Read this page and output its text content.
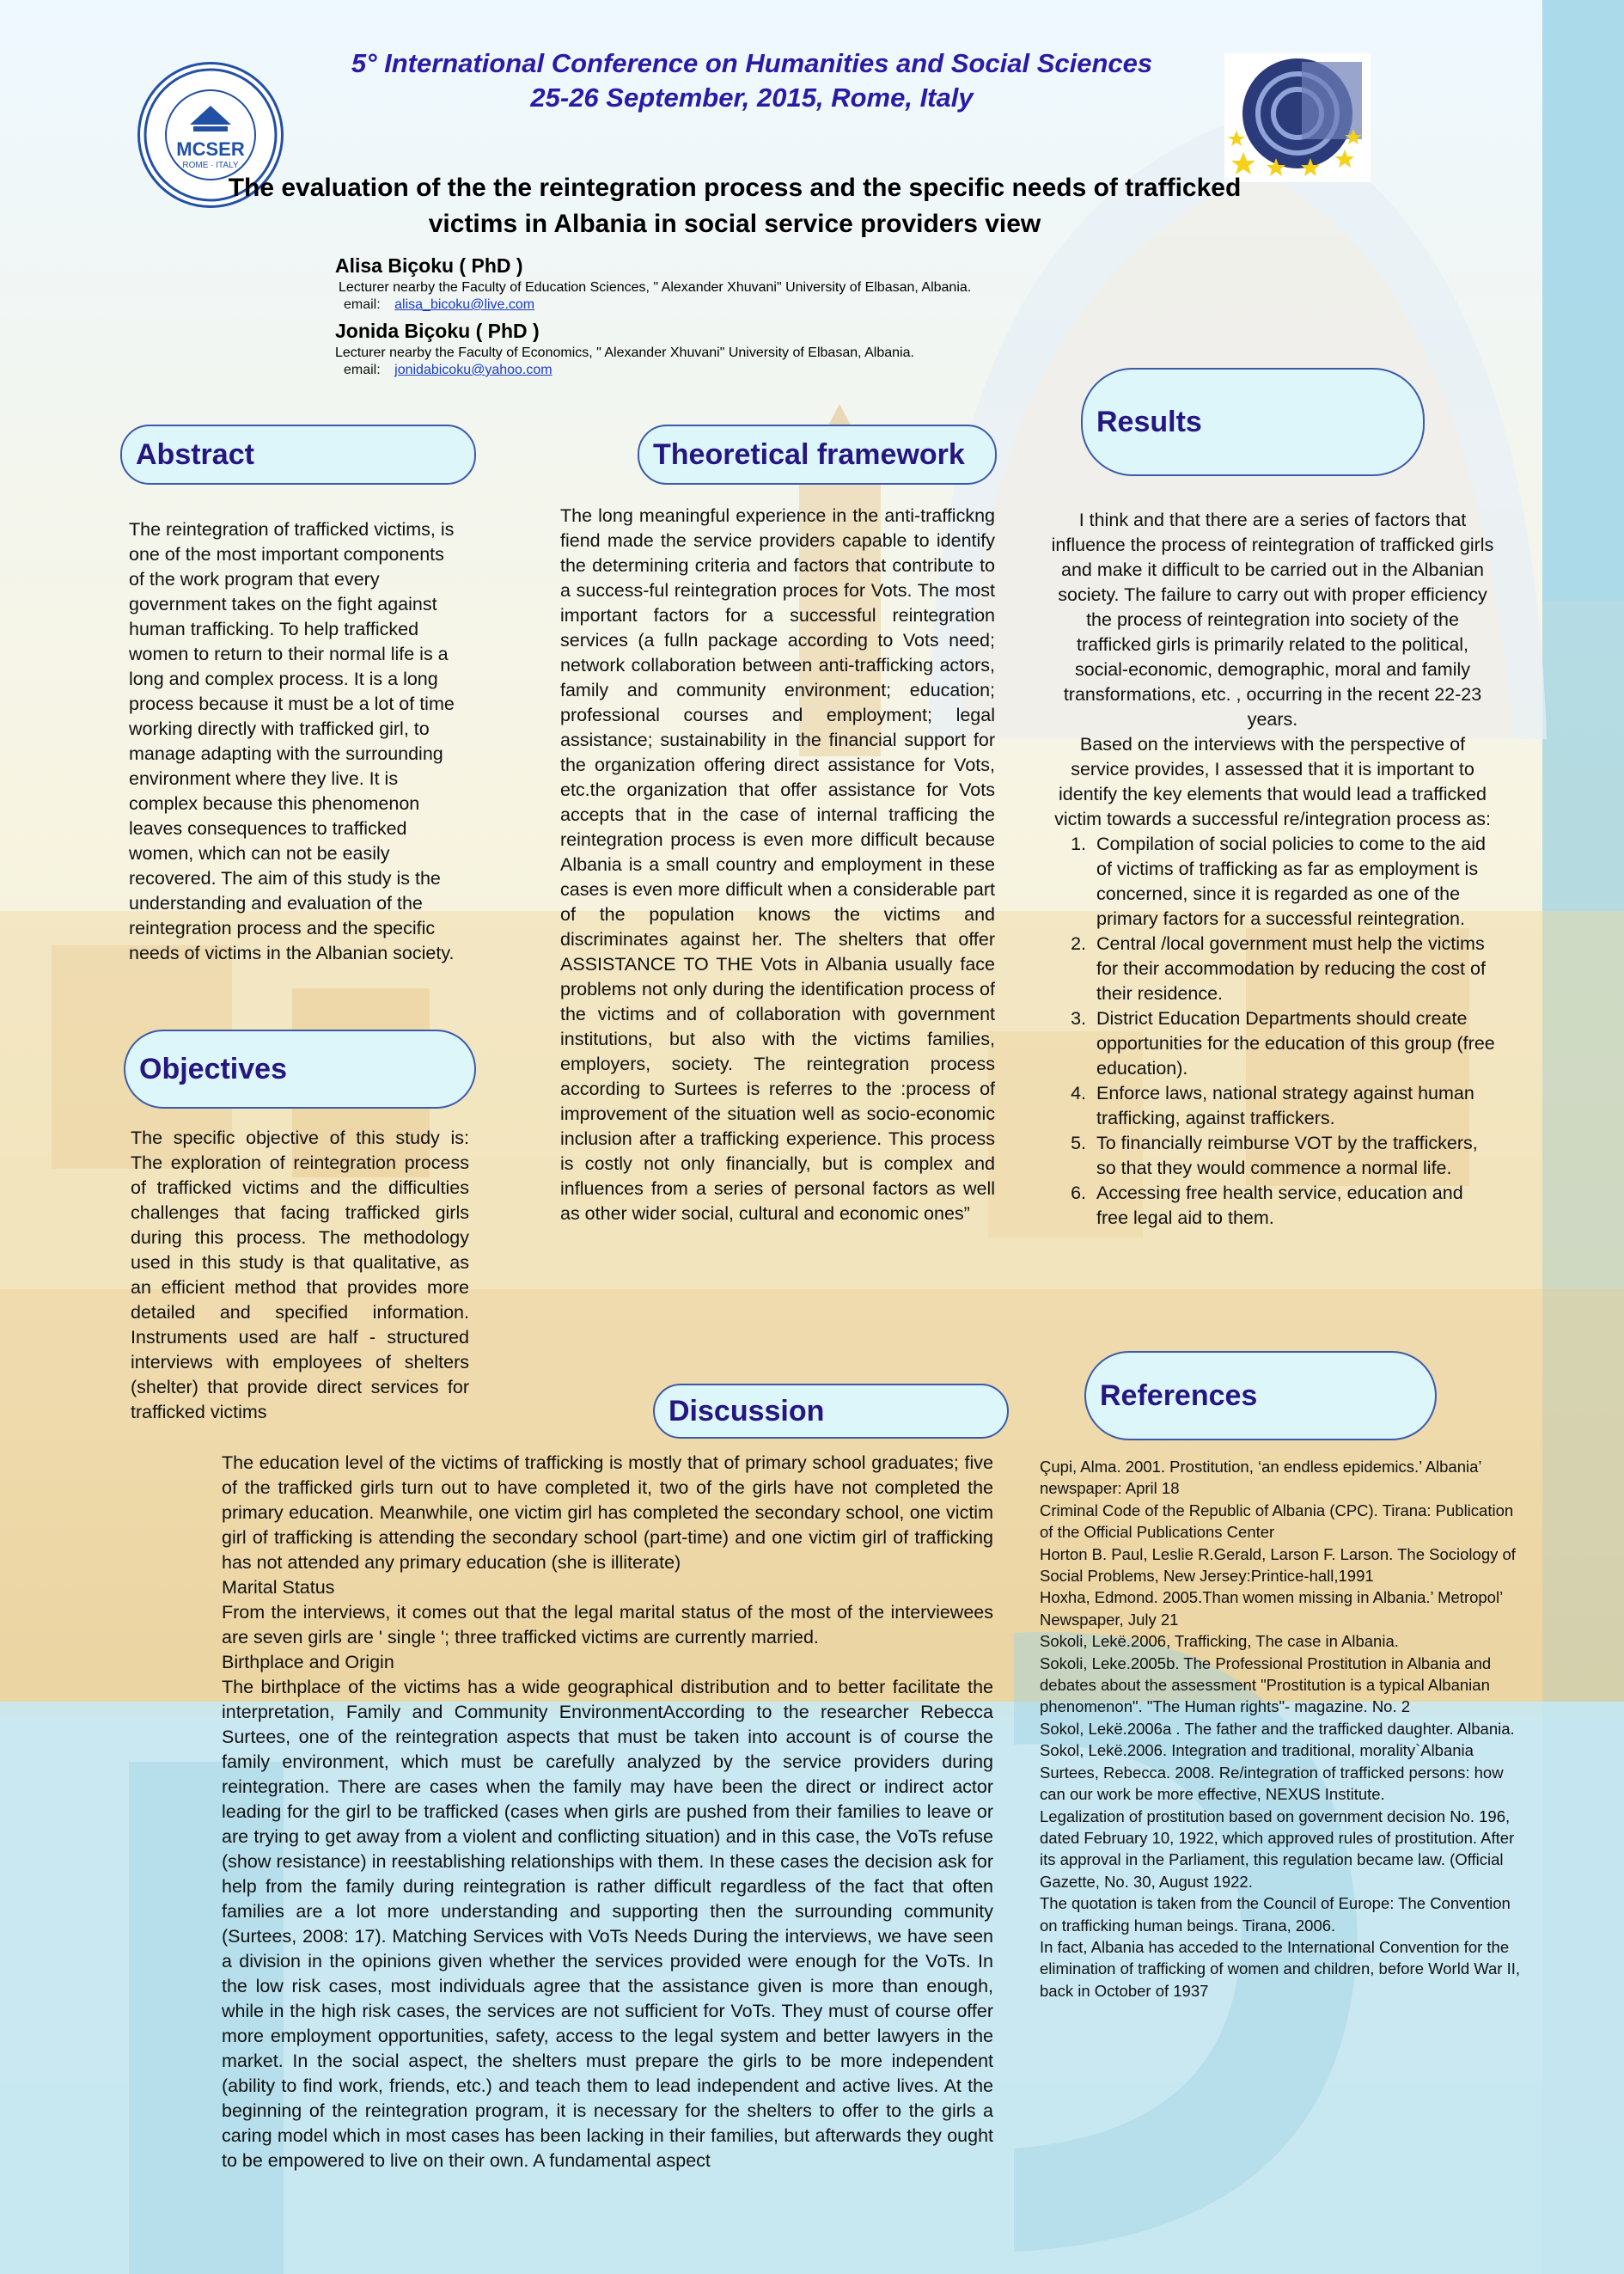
MCSER
ROME · ITALY
5° International Conference on Humanities and Social Sciences
25-26 September, 2015, Rome, Italy
The evaluation of the the reintegration process and the specific needs of trafficked
victims in Albania in social service providers view
Alisa Biçoku ( PhD )
Lecturer nearby the Faculty of Education Sciences, " Alexander Xhuvani" University of Elbasan, Albania.
email: alisa_bicoku@live.com
Jonida Biçoku ( PhD )
Lecturer nearby the Faculty of Economics, " Alexander Xhuvani" University of Elbasan, Albania.
email: jonidabicoku@yahoo.com
Abstract	Theoretical framework
Results
Objectives
Discussion	References
The reintegration of trafficked victims, is one of the most important components of the work program that every government takes on the fight against human trafficking. To help trafficked women to return to their normal life is a long and complex process. It is a long process because it must be a lot of time working directly with trafficked girl, to manage adapting with the surrounding environment where they live. It is complex because this phenomenon leaves consequences to trafficked women, which can not be easily recovered. The aim of this study is the understanding and evaluation of the reintegration process and the specific needs of victims in the Albanian society.
The specific objective of this study is: The exploration of reintegration process of trafficked victims and the difficulties challenges that facing trafficked girls during this process. The methodology used in this study is that qualitative, as an efficient method that provides more detailed and specified information. Instruments used are half - structured interviews with employees of shelters (shelter) that provide direct services for trafficked victims
The long meaningful experience in the anti-traffickng fiend made the service providers capable to identify the determining criteria and factors that contribute to a success-ful reintegration proces for Vots. The most important factors for a successful reintegration services (a fulln package according to Vots need; network collaboration between anti-trafficking actors, family and community environment; education; professional courses and employment; legal assistance; sustainability in the financial support for the organization offering direct assistance for Vots, etc.the organization that offer assistance for Vots accepts that in the case of internal trafficing the reintegration process is even more difficult because Albania is a small country and employment in these cases is even more difficult when a considerable part of the population knows the victims and discriminates against her. The shelters that offer ASSISTANCE TO THE Vots in Albania usually face problems not only during the identification process of the victims and of collaboration with government institutions, but also with the victims families, employers, society. The reintegration process according to Surtees is referres to the :process of improvement of the situation well as socio-economic inclusion after a trafficking experience. This process is costly not only financially, but is complex and influences from a series of personal factors as well as other wider social, cultural and economic ones”
I think and that there are a series of factors that influence the process of reintegration of trafficked girls and make it difficult to be carried out in the Albanian society. The failure to carry out with proper efficiency the process of reintegration into society of the trafficked girls is primarily related to the political, social-economic, demographic, moral and family transformations, etc. , occurring in the recent 22-23 years.
Based on the interviews with the perspective of service provides, I assessed that it is important to identify the key elements that would lead a trafficked victim towards a successful re/integration process as:
1. Compilation of social policies to come to the aid of victims of trafficking as far as employment is concerned, since it is regarded as one of the primary factors for a successful reintegration.
2. Central /local government must help the victims for their accommodation by reducing the cost of their residence.
3. District Education Departments should create opportunities for the education of this group (free education).
4. Enforce laws, national strategy against human trafficking, against traffickers.
5. To financially reimburse VOT by the traffickers, so that they would commence a normal life.
6. Accessing free health service, education and free legal aid to them.
The education level of the victims of trafficking is mostly that of primary school graduates; five of the trafficked girls turn out to have completed it, two of the girls have not completed the primary education. Meanwhile, one victim girl has completed the secondary school, one victim girl of trafficking is attending the secondary school (part-time) and one victim girl of trafficking has not attended any primary education (she is illiterate)
Marital Status
From the interviews, it comes out that the legal marital status of the most of the interviewees are seven girls are ' single '; three trafficked victims are currently married.
Birthplace and Origin
The birthplace of the victims has a wide geographical distribution and to better facilitate the interpretation, Family and Community EnvironmentAccording to the researcher Rebecca Surtees, one of the reintegration aspects that must be taken into account is of course the family environment, which must be carefully analyzed by the service providers during reintegration. There are cases when the family may have been the direct or indirect actor leading for the girl to be trafficked (cases when girls are pushed from their families to leave or are trying to get away from a violent and conflicting situation) and in this case, the VoTs refuse (show resistance) in reestablishing relationships with them. In these cases the decision ask for help from the family during reintegration is rather difficult regardless of the fact that often families are a lot more understanding and supporting then the surrounding community (Surtees, 2008: 17). Matching Services with VoTs Needs During the interviews, we have seen a division in the opinions given whether the services provided were enough for the VoTs. In the low risk cases, most individuals agree that the assistance given is more than enough, while in the high risk cases, the services are not sufficient for VoTs. They must of course offer more employment opportunities, safety, access to the legal system and better lawyers in the market. In the social aspect, the shelters must prepare the girls to be more independent (ability to find work, friends, etc.) and teach them to lead independent and active lives. At the beginning of the reintegration program, it is necessary for the shelters to offer to the girls a caring model which in most cases has been lacking in their families, but afterwards they ought to be empowered to live on their own. A fundamental aspect

Çupi, Alma. 2001. Prostitution, ‘an endless epidemics.’ Albania’ newspaper: April 18

Criminal Code of the Republic of Albania (CPC). Tirana: Publication of the Official Publications Center

Horton B. Paul, Leslie R.Gerald, Larson F. Larson. The Sociology of Social Problems, New Jersey:Printice-hall,1991

Hoxha, Edmond. 2005.Than women missing in Albania.’ Metropol’ Newspaper, July 21

Sokoli, Lekë.2006, Trafficking, The case in Albania.

Sokoli, Leke.2005b. The Professional Prostitution in Albania and debates about the assessment "Prostitution is a typical Albanian phenomenon". "The Human rights"- magazine. No. 2

Sokol, Lekë.2006a . The father and the trafficked daughter. Albania.

Sokol, Lekë.2006. Integration and traditional, morality`Albania

Surtees, Rebecca. 2008. Re/integration of trafficked persons: how can our work be more effective, NEXUS Institute.

Legalization of prostitution based on government decision No. 196, dated February 10, 1922, which approved rules of prostitution. After its approval in the Parliament, this regulation became law. (Official Gazette, No. 30, August 1922.

The quotation is taken from the Council of Europe: The Convention on trafficking human beings. Tirana, 2006.

In fact, Albania has acceded to the International Convention for the elimination of trafficking of women and children, before World War II, back in October of 1937
